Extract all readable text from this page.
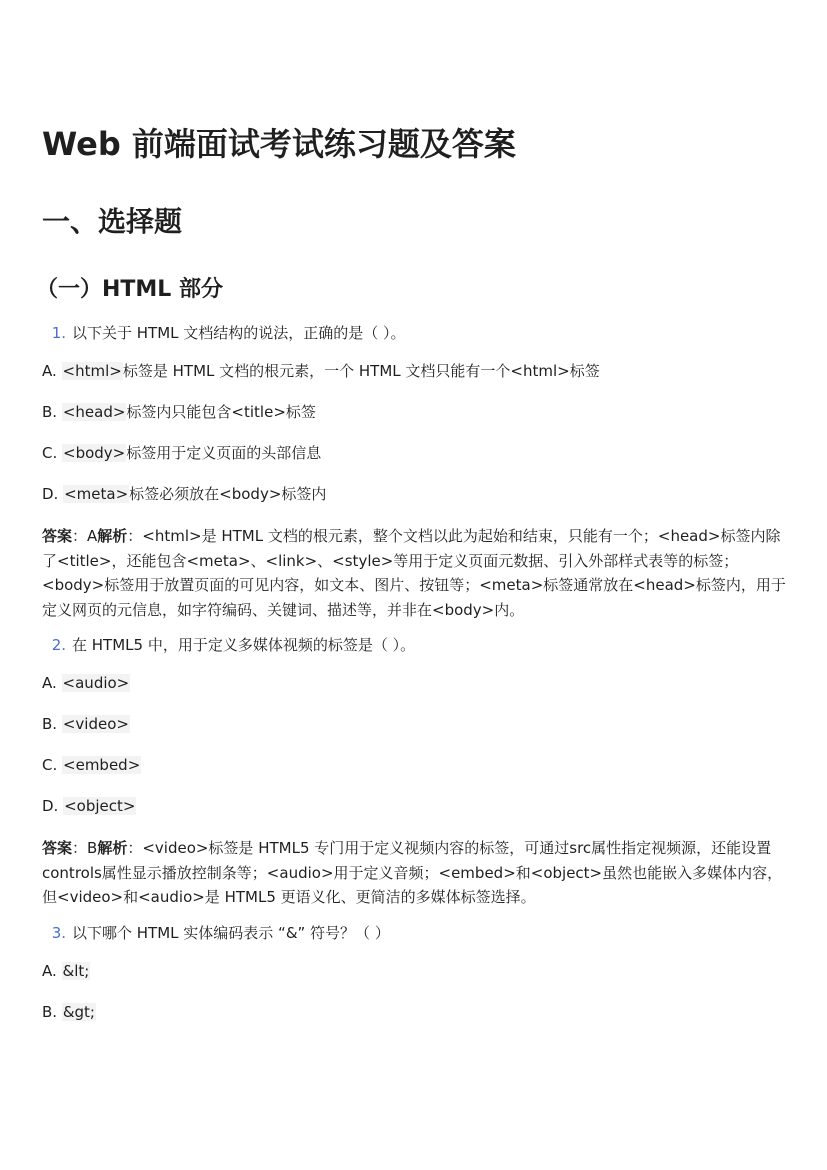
Web 前端面试考试练习题及答案
一、选择题
（一）HTML 部分

1. 以下关于 HTML 文档结构的说法，正确的是（ ）。

A. <html>标签是 HTML 文档的根元素，一个 HTML 文档只能有一个<html>标签

B. <head>标签内只能包含<title>标签

C. <body>标签用于定义页面的头部信息

D. <meta>标签必须放在<body>标签内

答案：A解析：<html>是 HTML 文档的根元素，整个文档以此为起始和结束，只能有一个；<head>标签内除了<title>，还能包含<meta>、<link>、<style>等用于定义页面元数据、引入外部样式表等的标签；<body>标签用于放置页面的可见内容，如文本、图片、按钮等；<meta>标签通常放在<head>标签内，用于定义网页的元信息，如字符编码、关键词、描述等，并非在<body>内。

2. 在 HTML5 中，用于定义多媒体视频的标签是（ ）。

A. <audio>

B. <video>

C. <embed>

D. <object>

答案：B解析：<video>标签是 HTML5 专门用于定义视频内容的标签，可通过src属性指定视频源，还能设置controls属性显示播放控制条等；<audio>用于定义音频；<embed>和<object>虽然也能嵌入多媒体内容，但<video>和<audio>是 HTML5 更语义化、更简洁的多媒体标签选择。

3. 以下哪个 HTML 实体编码表示 “&” 符号？（ ）

A. &lt;

B. &gt;
